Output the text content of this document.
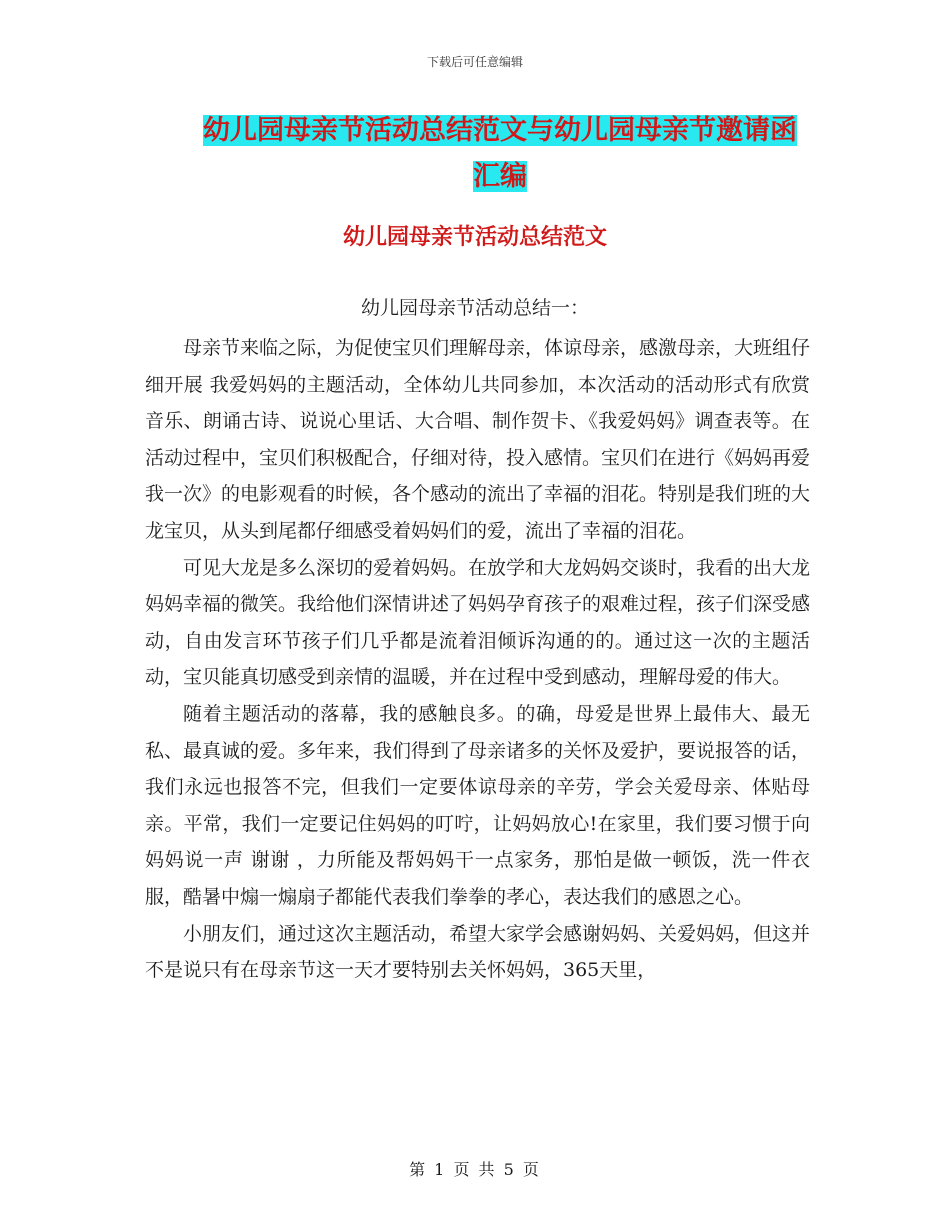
下载后可任意编辑
幼儿园母亲节活动总结范文与幼儿园母亲节邀请函汇编
幼儿园母亲节活动总结范文
幼儿园母亲节活动总结一：

母亲节来临之际，为促使宝贝们理解母亲，体谅母亲，感激母亲，大班组仔细开展 我爱妈妈的主题活动，全体幼儿共同参加，本次活动的活动形式有欣赏音乐、朗诵古诗、说说心里话、大合唱、制作贺卡、《我爱妈妈》调查表等。在活动过程中，宝贝们积极配合，仔细对待，投入感情。宝贝们在进行《妈妈再爱我一次》的电影观看的时候，各个感动的流出了幸福的泪花。特别是我们班的大龙宝贝，从头到尾都仔细感受着妈妈们的爱，流出了幸福的泪花。

可见大龙是多么深切的爱着妈妈。在放学和大龙妈妈交谈时，我看的出大龙妈妈幸福的微笑。我给他们深情讲述了妈妈孕育孩子的艰难过程，孩子们深受感动，自由发言环节孩子们几乎都是流着泪倾诉沟通的的。通过这一次的主题活动，宝贝能真切感受到亲情的温暖，并在过程中受到感动，理解母爱的伟大。

随着主题活动的落幕，我的感触良多。的确，母爱是世界上最伟大、最无私、最真诚的爱。多年来，我们得到了母亲诸多的关怀及爱护，要说报答的话，我们永远也报答不完，但我们一定要体谅母亲的辛劳，学会关爱母亲、体贴母亲。平常，我们一定要记住妈妈的叮咛，让妈妈放心!在家里，我们要习惯于向妈妈说一声 谢谢 ，力所能及帮妈妈干一点家务，那怕是做一顿饭，洗一件衣服，酷暑中煽一煽扇子都能代表我们拳拳的孝心，表达我们的感恩之心。

小朋友们，通过这次主题活动，希望大家学会感谢妈妈、关爱妈妈，但这并不是说只有在母亲节这一天才要特别去关怀妈妈，365天里，

第 1 页 共 5 页
